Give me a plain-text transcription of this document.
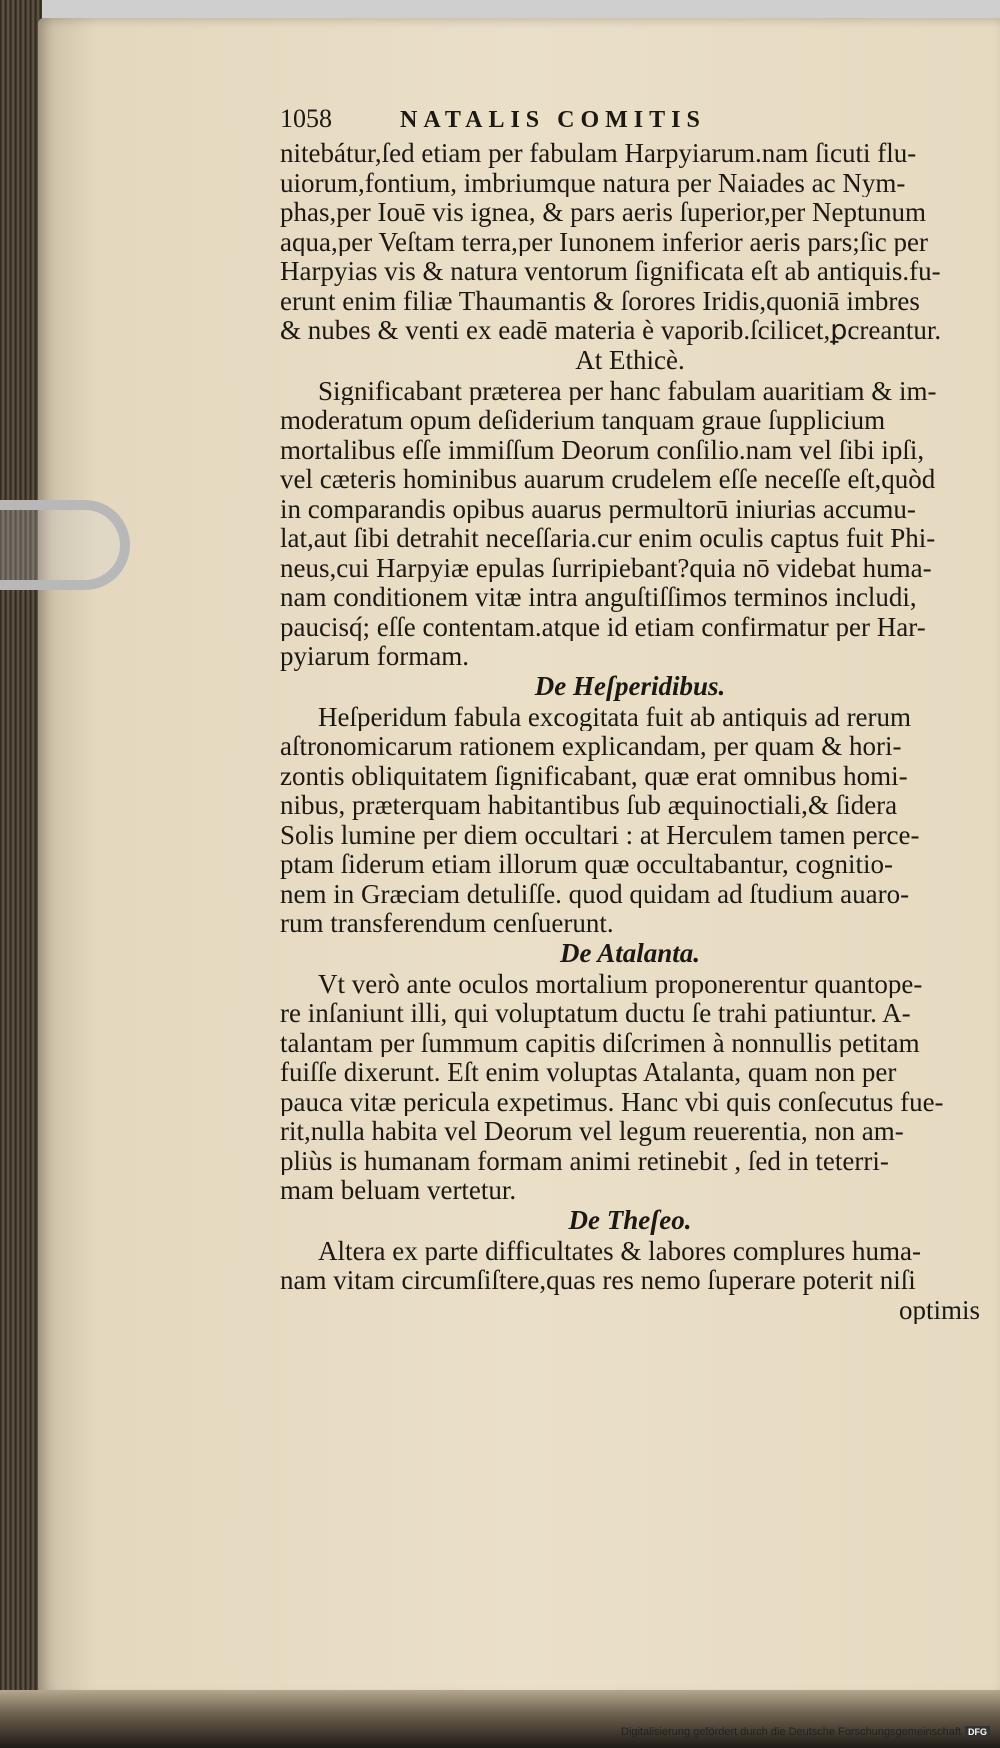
1058	NATALIS COMITIS
nitebátur,ſed etiam per fabulam Harpyiarum.nam ſicuti flu-
uiorum,fontium, imbriumque natura per Naiades ac Nym-
phas,per Iouē vis ignea, & pars aeris ſuperior,per Neptunum
aqua,per Veſtam terra,per Iunonem inferior aeris pars;ſic per
Harpyias vis & natura ventorum ſignificata eſt ab antiquis.fu-
erunt enim filiæ Thaumantis & ſorores Iridis,quoniā imbres
& nubes & venti ex eadē materia è vaporib.ſcilicet,ꝑcreantur.
At Ethicè.
Significabant præterea per hanc fabulam auaritiam & im-
moderatum opum deſiderium tanquam graue ſupplicium
mortalibus eſſe immiſſum Deorum conſilio.nam vel ſibi ipſi,
vel cæteris hominibus auarum crudelem eſſe neceſſe eſt,quòd
in comparandis opibus auarus permultorū iniurias accumu-
lat,aut ſibi detrahit neceſſaria.cur enim oculis captus fuit Phi-
neus,cui Harpyiæ epulas ſurripiebant?quia nō videbat huma-
nam conditionem vitæ intra anguſtiſſimos terminos includi,
paucisq́; eſſe contentam.atque id etiam confirmatur per Har-
pyiarum formam.
De Heſperidibus.
Heſperidum fabula excogitata fuit ab antiquis ad rerum
aſtronomicarum rationem explicandam, per quam & hori-
zontis obliquitatem ſignificabant, quæ erat omnibus homi-
nibus, præterquam habitantibus ſub æquinoctiali,& ſidera
Solis lumine per diem occultari : at Herculem tamen perce-
ptam ſiderum etiam illorum quæ occultabantur, cognitio-
nem in Græciam detuliſſe. quod quidam ad ſtudium auaro-
rum transferendum cenſuerunt.
De Atalanta.
Vt verò ante oculos mortalium proponerentur quantope-
re inſaniunt illi, qui voluptatum ductu ſe trahi patiuntur. A-
talantam per ſummum capitis diſcrimen à nonnullis petitam
fuiſſe dixerunt. Eſt enim voluptas Atalanta, quam non per
pauca vitæ pericula expetimus. Hanc vbi quis conſecutus fue-
rit,nulla habita vel Deorum vel legum reuerentia, non am-
pliùs is humanam formam animi retinebit , ſed in teterri-
mam beluam vertetur.
De Theſeo.
Altera ex parte difficultates & labores complures huma-
nam vitam circumſiſtere,quas res nemo ſuperare poterit niſi
optimis
Digitalisierung gefördert durch die Deutsche Forschungsgemeinschaft DFG
